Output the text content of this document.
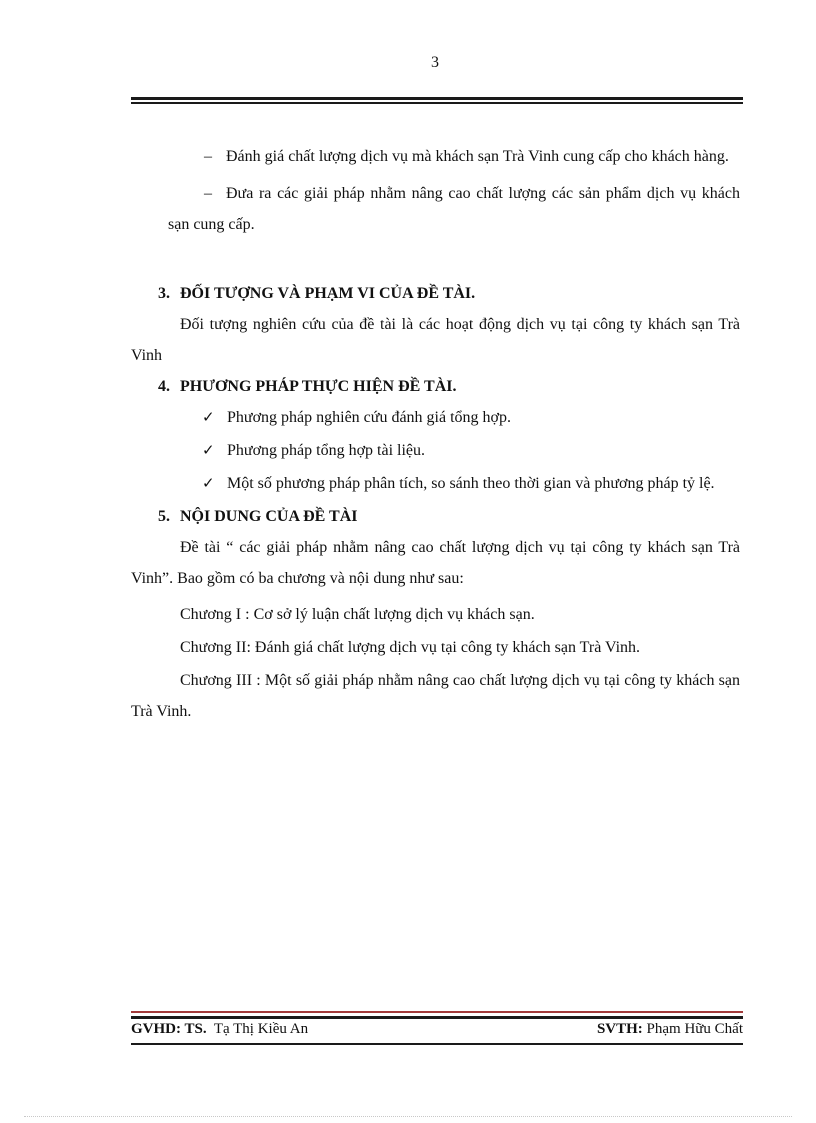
3

– Đánh giá chất lượng dịch vụ mà khách sạn Trà Vinh cung cấp cho khách hàng.

– Đưa ra các giải pháp nhằm nâng cao chất lượng các sản phẩm dịch vụ khách sạn cung cấp.

3. ĐỐI TƯỢNG VÀ PHẠM VI CỦA ĐỀ TÀI.

Đối tượng nghiên cứu của đề tài là các hoạt động dịch vụ tại công ty khách sạn Trà Vinh

4. PHƯƠNG PHÁP THỰC HIỆN ĐỀ TÀI.

✓ Phương pháp nghiên cứu đánh giá tổng hợp.

✓ Phương pháp tổng hợp tài liệu.

✓ Một số phương pháp phân tích, so sánh theo thời gian và phương pháp tỷ lệ.

5. NỘI DUNG CỦA ĐỀ TÀI

Đề tài “ các giải pháp nhằm nâng cao chất lượng dịch vụ tại công ty khách sạn Trà Vinh”. Bao gồm có ba chương và nội dung như sau:

Chương I : Cơ sở lý luận chất lượng dịch vụ khách sạn.

Chương II: Đánh giá chất lượng dịch vụ tại công ty khách sạn Trà Vinh.

Chương III : Một số giải pháp nhằm nâng cao chất lượng dịch vụ tại công ty khách sạn Trà Vinh.

GVHD: TS. Tạ Thị Kiều An	SVTH: Phạm Hữu Chất
